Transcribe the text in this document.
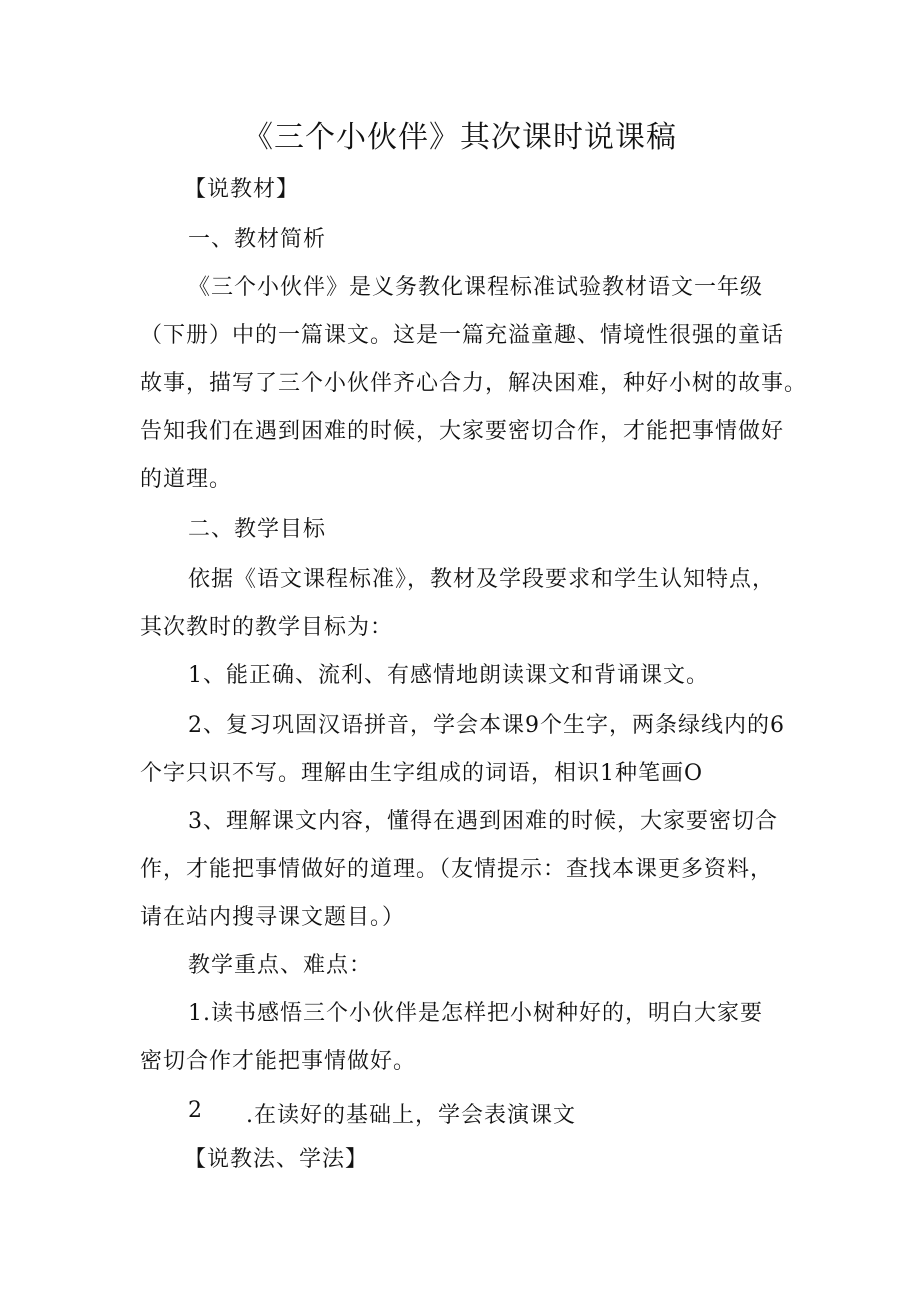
《三个小伙伴》其次课时说课稿

【说教材】

一、教材简析

《三个小伙伴》是义务教化课程标准试验教材语文一年级

（下册）中的一篇课文。这是一篇充溢童趣、情境性很强的童话

故事，描写了三个小伙伴齐心合力，解决困难，种好小树的故事。

告知我们在遇到困难的时候，大家要密切合作，才能把事情做好

的道理。

二、教学目标

依据《语文课程标准》，教材及学段要求和学生认知特点，

其次教时的教学目标为：

1、能正确、流利、有感情地朗读课文和背诵课文。

2、复习巩固汉语拼音，学会本课9个生字，两条绿线内的6

个字只识不写。理解由生字组成的词语，相识1种笔画O

3、理解课文内容，懂得在遇到困难的时候，大家要密切合

作，才能把事情做好的道理。（友情提示：查找本课更多资料，

请在站内搜寻课文题目。）

教学重点、难点：

1.读书感悟三个小伙伴是怎样把小树种好的，明白大家要

密切合作才能把事情做好。

2 .在读好的基础上，学会表演课文

【说教法、学法】
